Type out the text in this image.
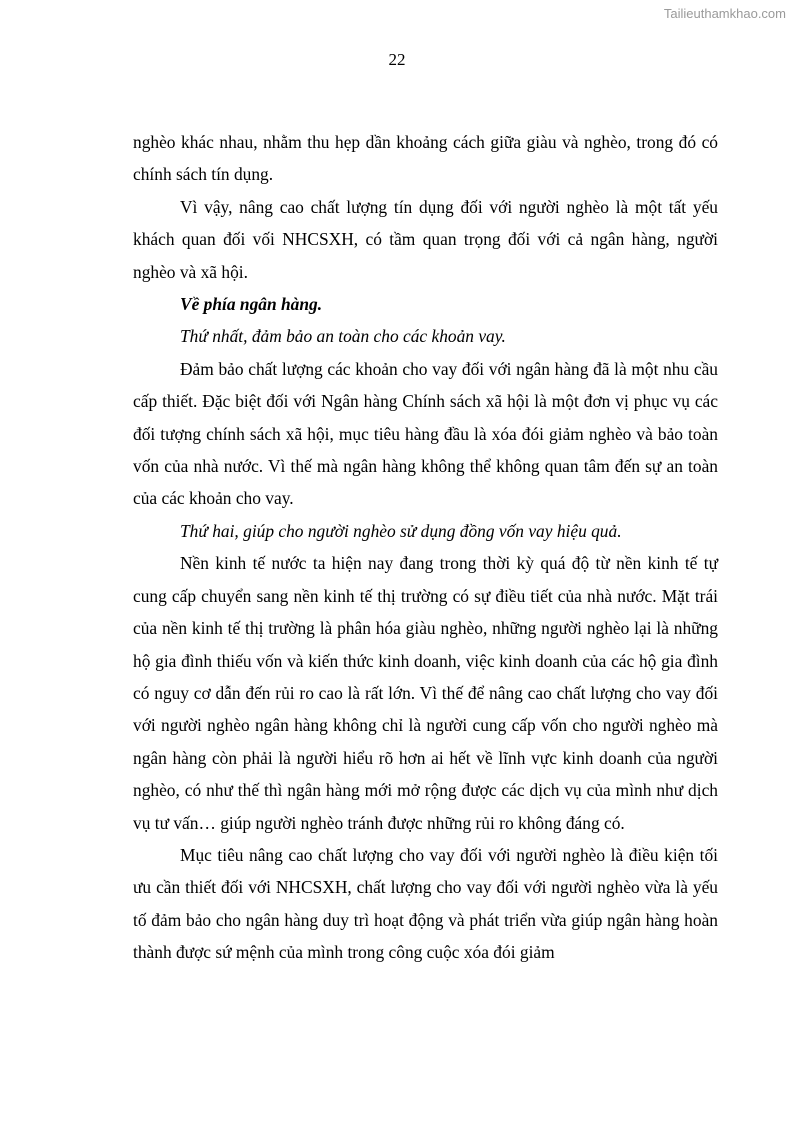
Tailieuthamkhao.com
22

nghèo khác nhau, nhằm thu hẹp dần khoảng cách giữa giàu và nghèo, trong đó có chính sách tín dụng.

Vì vậy, nâng cao chất lượng tín dụng đối với người nghèo là một tất yếu khách quan đối vối NHCSXH, có tầm quan trọng đối với cả ngân hàng, người nghèo và xã hội.

Về phía ngân hàng.

Thứ nhất, đảm bảo an toàn cho các khoản vay.

Đảm bảo chất lượng các khoản cho vay đối với ngân hàng đã là một nhu cầu cấp thiết. Đặc biệt đối với Ngân hàng Chính sách xã hội là một đơn vị phục vụ các đối tượng chính sách xã hội, mục tiêu hàng đầu là xóa đói giảm nghèo và bảo toàn vốn của nhà nước. Vì thế mà ngân hàng không thể không quan tâm đến sự an toàn của các khoản cho vay.

Thứ hai, giúp cho người nghèo sử dụng đồng vốn vay hiệu quả.

Nền kinh tế nước ta hiện nay đang trong thời kỳ quá độ từ nền kinh tế tự cung cấp chuyển sang nền kinh tế thị trường có sự điều tiết của nhà nước. Mặt trái của nền kinh tế thị trường là phân hóa giàu nghèo, những người nghèo lại là những hộ gia đình thiếu vốn và kiến thức kinh doanh, việc kinh doanh của các hộ gia đình có nguy cơ dẫn đến rủi ro cao là rất lớn. Vì thế để nâng cao chất lượng cho vay đối với người nghèo ngân hàng không chỉ là người cung cấp vốn cho người nghèo mà ngân hàng còn phải là người hiểu rõ hơn ai hết về lĩnh vực kinh doanh của người nghèo, có như thế thì ngân hàng mới mở rộng được các dịch vụ của mình như dịch vụ tư vấn… giúp người nghèo tránh được những rủi ro không đáng có.

Mục tiêu nâng cao chất lượng cho vay đối với người nghèo là điều kiện tối ưu cần thiết đối với NHCSXH, chất lượng cho vay đối với người nghèo vừa là yếu tố đảm bảo cho ngân hàng duy trì hoạt động và phát triển vừa giúp ngân hàng hoàn thành được sứ mệnh của mình trong công cuộc xóa đói giảm
